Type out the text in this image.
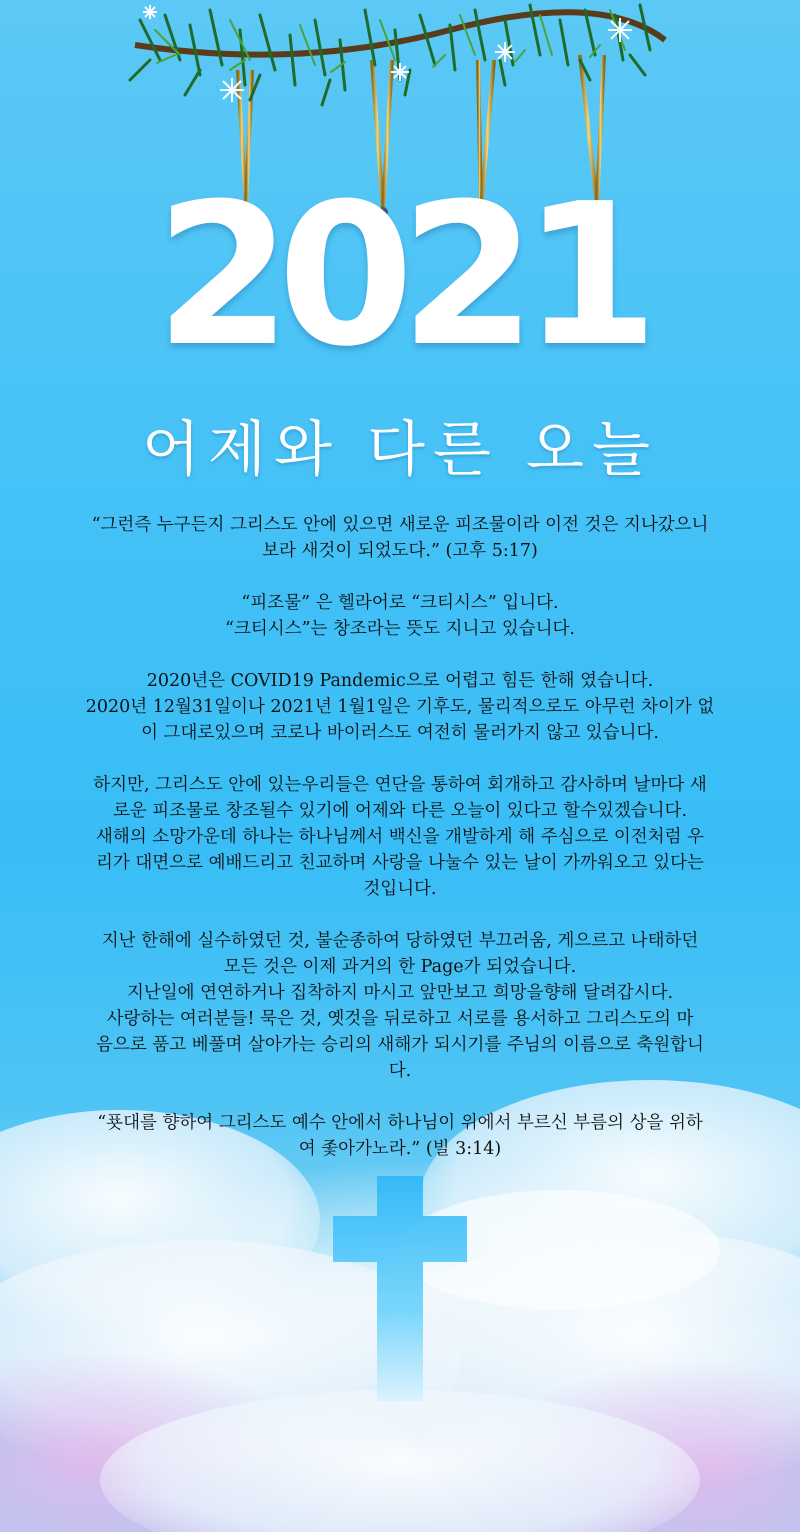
2021
어제와 다른 오늘

“그런즉 누구든지 그리스도 안에 있으면 새로운 피조물이라 이전 것은 지나갔으니
보라 새것이 되었도다.” (고후 5:17)

“피조물” 은 헬라어로 “크티시스” 입니다.
“크티시스”는 창조라는 뜻도 지니고 있습니다.

2020년은 COVID19 Pandemic으로 어렵고 힘든 한해 였습니다.
2020년 12월31일이나 2021년 1월1일은 기후도, 물리적으로도 아무런 차이가 없
이 그대로있으며 코로나 바이러스도 여전히 물러가지 않고 있습니다.

하지만, 그리스도 안에 있는우리들은 연단을 통하여 회개하고 감사하며 날마다 새
로운 피조물로 창조될수 있기에 어제와 다른 오늘이 있다고 할수있겠습니다.
새해의 소망가운데 하나는 하나님께서 백신을 개발하게 해 주심으로 이전처럼 우
리가 대면으로 예배드리고 친교하며 사랑을 나눌수 있는 날이 가까워오고 있다는
것입니다.

지난 한해에 실수하였던 것, 불순종하여 당하였던 부끄러움, 게으르고 나태하던
모든 것은 이제 과거의 한 Page가 되었습니다.
지난일에 연연하거나 집착하지 마시고 앞만보고 희망을향해 달려갑시다.
사랑하는 여러분들! 묵은 것, 옛것을 뒤로하고 서로를 용서하고 그리스도의 마
음으로 품고 베풀며 살아가는 승리의 새해가 되시기를 주님의 이름으로 축원합니
다.

“푯대를 향하여 그리스도 예수 안에서 하나님이 위에서 부르신 부름의 상을 위하
여 좇아가노라.” (빌 3:14)
